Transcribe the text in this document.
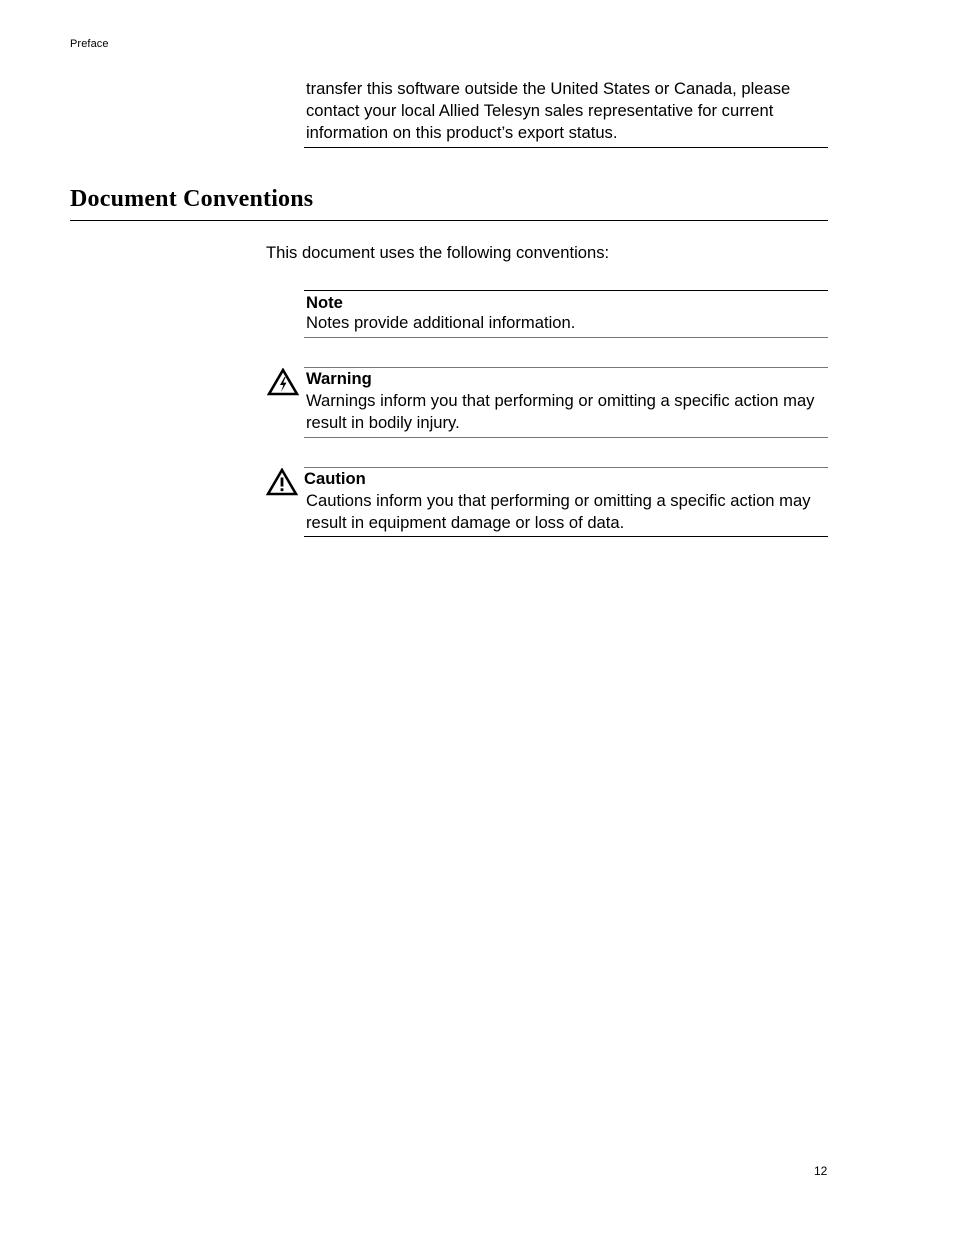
Preface
transfer this software outside the United States or Canada, please contact your local Allied Telesyn sales representative for current information on this product’s export status.
Document Conventions
This document uses the following conventions:
Note
Notes provide additional information.
Warning
Warnings inform you that performing or omitting a specific action may result in bodily injury.
Caution
Cautions inform you that performing or omitting a specific action may result in equipment damage or loss of data.
12
